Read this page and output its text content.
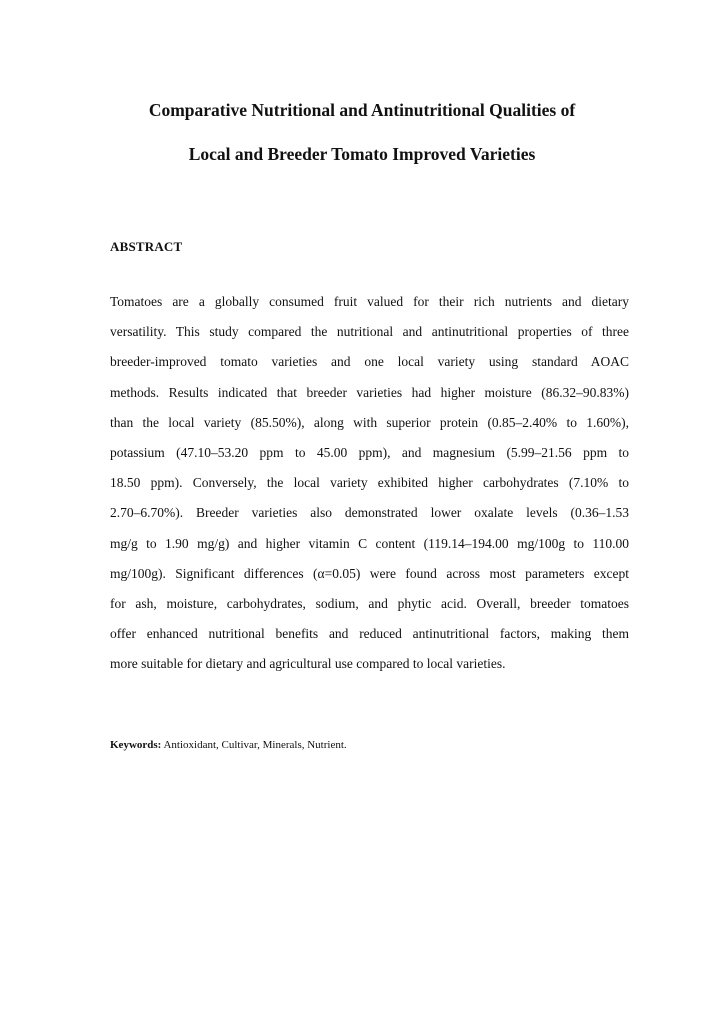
Comparative Nutritional and Antinutritional Qualities of
Local and Breeder Tomato Improved Varieties
ABSTRACT
Tomatoes are a globally consumed fruit valued for their rich nutrients and dietary
versatility. This study compared the nutritional and antinutritional properties of three
breeder-improved tomato varieties and one local variety using standard AOAC
methods. Results indicated that breeder varieties had higher moisture (86.32–90.83%)
than the local variety (85.50%), along with superior protein (0.85–2.40% to 1.60%),
potassium (47.10–53.20 ppm to 45.00 ppm), and magnesium (5.99–21.56 ppm to
18.50 ppm). Conversely, the local variety exhibited higher carbohydrates (7.10% to
2.70–6.70%). Breeder varieties also demonstrated lower oxalate levels (0.36–1.53
mg/g to 1.90 mg/g) and higher vitamin C content (119.14–194.00 mg/100g to 110.00
mg/100g). Significant differences (α=0.05) were found across most parameters except
for ash, moisture, carbohydrates, sodium, and phytic acid. Overall, breeder tomatoes
offer enhanced nutritional benefits and reduced antinutritional factors, making them
more suitable for dietary and agricultural use compared to local varieties.
Keywords: Antioxidant, Cultivar, Minerals, Nutrient.
